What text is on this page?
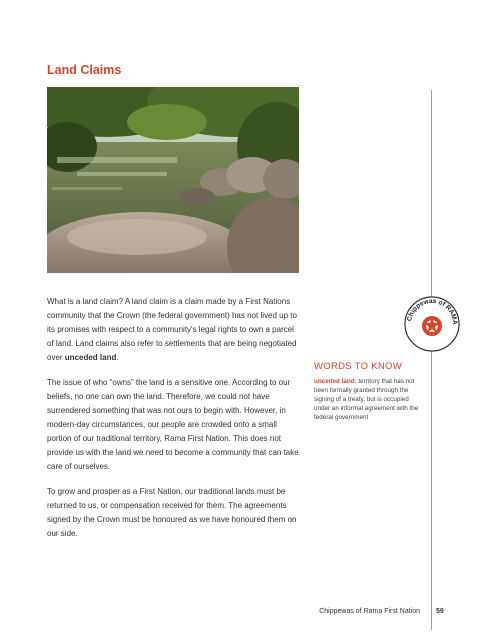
Land Claims

What is a land claim? A land claim is a claim made by a First Nations community that the Crown (the federal government) has not lived up to its promises with respect to a community's legal rights to own a parcel of land. Land claims also refer to settlements that are being negotiated over unceded land.

The issue of who “owns” the land is a sensitive one. According to our beliefs, no one can own the land. Therefore, we could not have surrendered something that was not ours to begin with. However, in modern-day circumstances, our people are crowded onto a small portion of our traditional territory, Rama First Nation. This does not provide us with the land we need to become a community that can take care of ourselves.

To grow and prosper as a First Nation, our traditional lands must be returned to us, or compensation received for them. The agreements signed by the Crown must be honoured as we have honoured them on our side.

Chippewas of RAMA
WORDS TO KNOW
unceded land: territory that has not been formally granted through the signing of a treaty, but is occupied under an informal agreement with the federal government
Chippewas of Rama First Nation 59
